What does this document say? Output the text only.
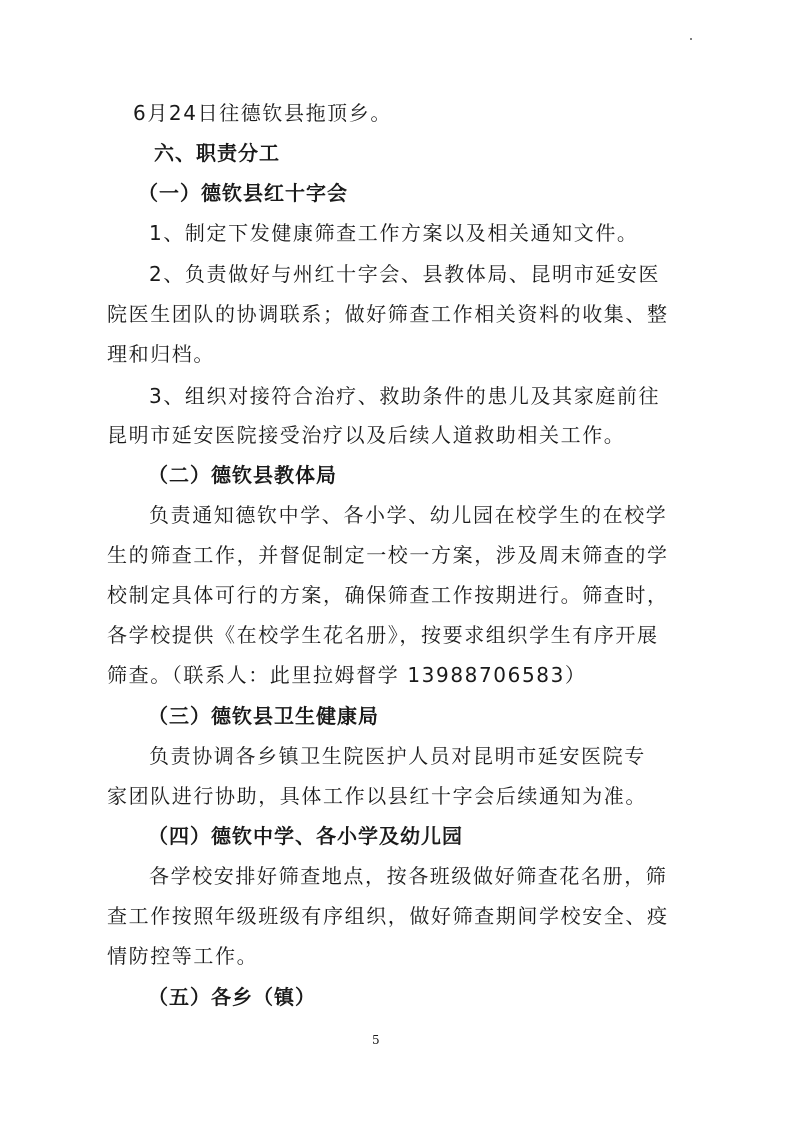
6月24日往德钦县拖顶乡。
六、职责分工
（一）德钦县红十字会
1、制定下发健康筛查工作方案以及相关通知文件。
2、负责做好与州红十字会、县教体局、昆明市延安医
院医生团队的协调联系；做好筛查工作相关资料的收集、整
理和归档。
3、组织对接符合治疗、救助条件的患儿及其家庭前往
昆明市延安医院接受治疗以及后续人道救助相关工作。
（二）德钦县教体局
负责通知德钦中学、各小学、幼儿园在校学生的在校学
生的筛查工作，并督促制定一校一方案，涉及周末筛查的学
校制定具体可行的方案，确保筛查工作按期进行。筛查时，
各学校提供《在校学生花名册》，按要求组织学生有序开展
筛查。（联系人：此里拉姆督学 13988706583）
（三）德钦县卫生健康局
负责协调各乡镇卫生院医护人员对昆明市延安医院专
家团队进行协助，具体工作以县红十字会后续通知为准。
（四）德钦中学、各小学及幼儿园
各学校安排好筛查地点，按各班级做好筛查花名册，筛
查工作按照年级班级有序组织，做好筛查期间学校安全、疫
情防控等工作。
（五）各乡（镇）
5
